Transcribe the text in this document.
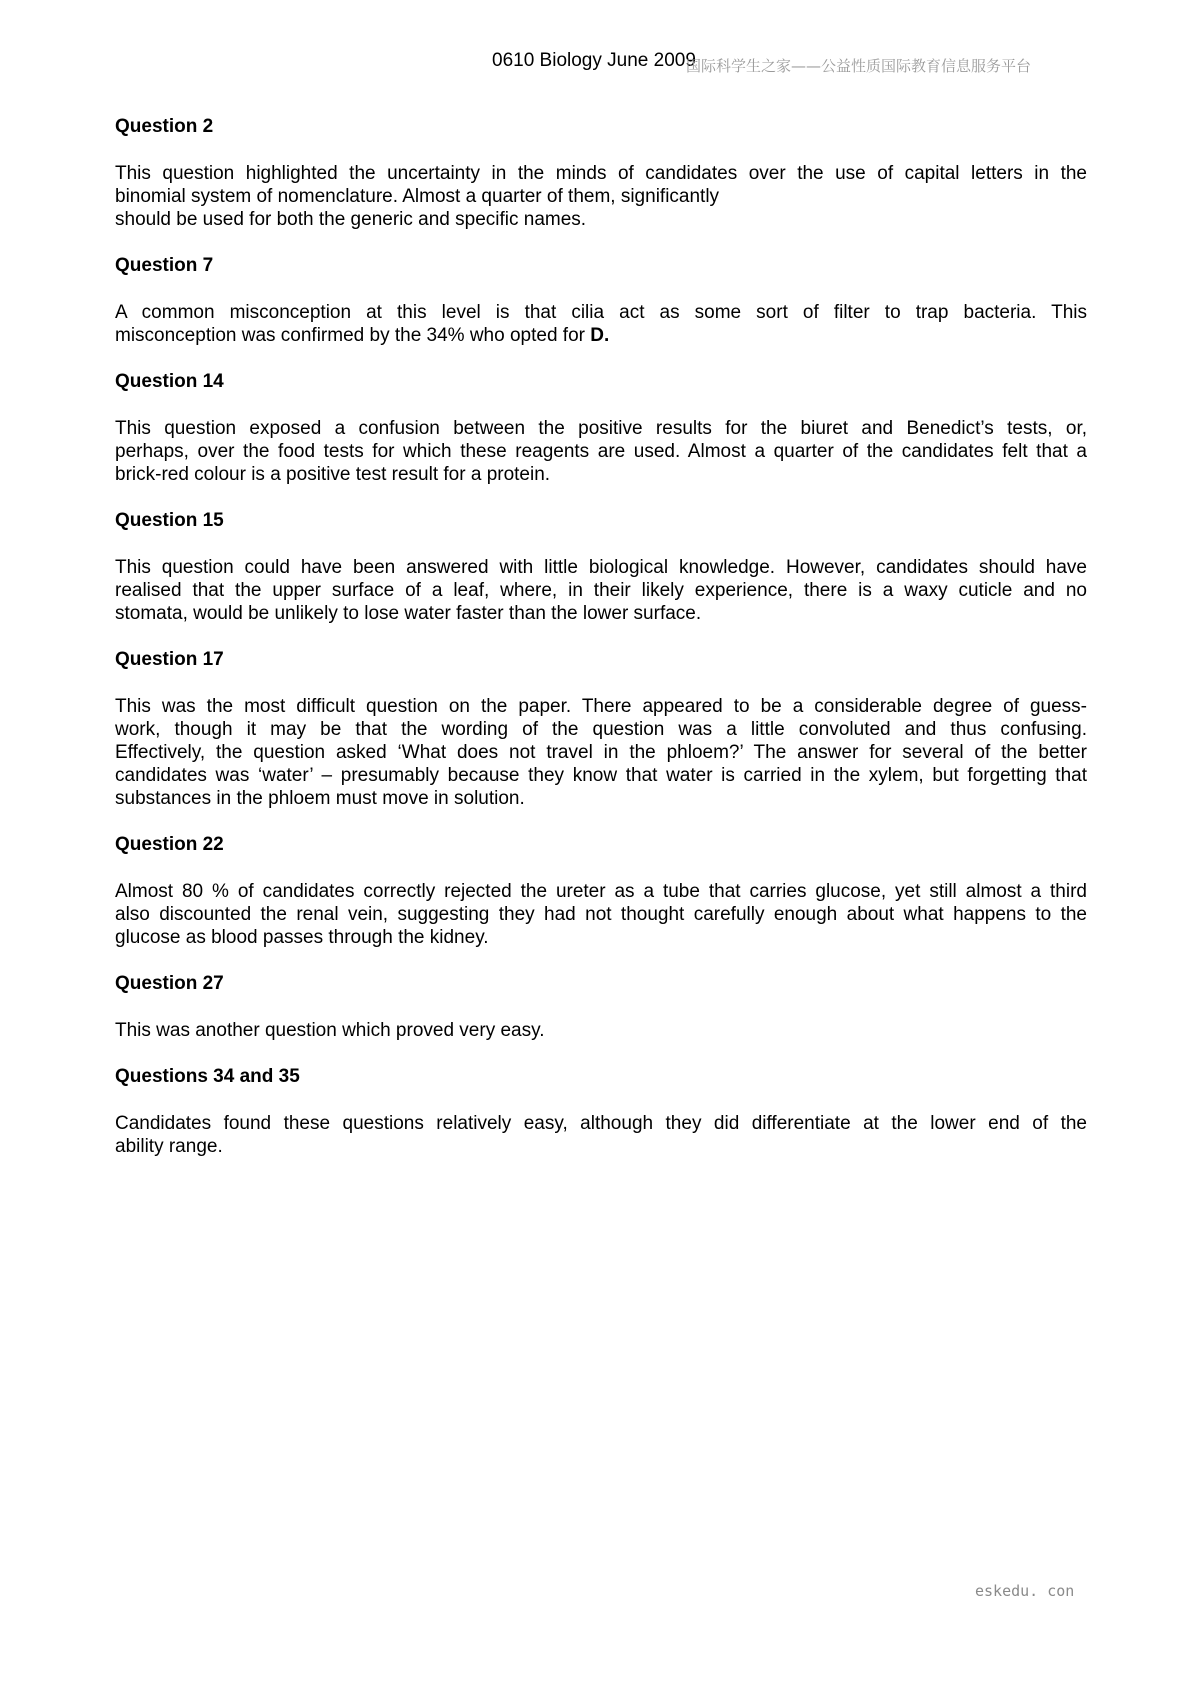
0610 Biology June 2009
国际科学生之家——公益性质国际教育信息服务平台

Question 2

This question highlighted the uncertainty in the minds of candidates over the use of capital letters in the
binomial system of nomenclature. Almost a quarter of them, significantly
should be used for both the generic and specific names.

Question 7

A common misconception at this level is that cilia act as some sort of filter to trap bacteria. This
misconception was confirmed by the 34% who opted for D.

Question 14

This question exposed a confusion between the positive results for the biuret and Benedict’s tests, or,
perhaps, over the food tests for which these reagents are used. Almost a quarter of the candidates felt that a
brick-red colour is a positive test result for a protein.

Question 15

This question could have been answered with little biological knowledge. However, candidates should have
realised that the upper surface of a leaf, where, in their likely experience, there is a waxy cuticle and no
stomata, would be unlikely to lose water faster than the lower surface.

Question 17

This was the most difficult question on the paper. There appeared to be a considerable degree of guess-
work, though it may be that the wording of the question was a little convoluted and thus confusing.
Effectively, the question asked ‘What does not travel in the phloem?’ The answer for several of the better
candidates was ‘water’ – presumably because they know that water is carried in the xylem, but forgetting that
substances in the phloem must move in solution.

Question 22

Almost 80 % of candidates correctly rejected the ureter as a tube that carries glucose, yet still almost a third
also discounted the renal vein, suggesting they had not thought carefully enough about what happens to the
glucose as blood passes through the kidney.

Question 27

This was another question which proved very easy.

Questions 34 and 35

Candidates found these questions relatively easy, although they did differentiate at the lower end of the
ability range.

eskedu. con
